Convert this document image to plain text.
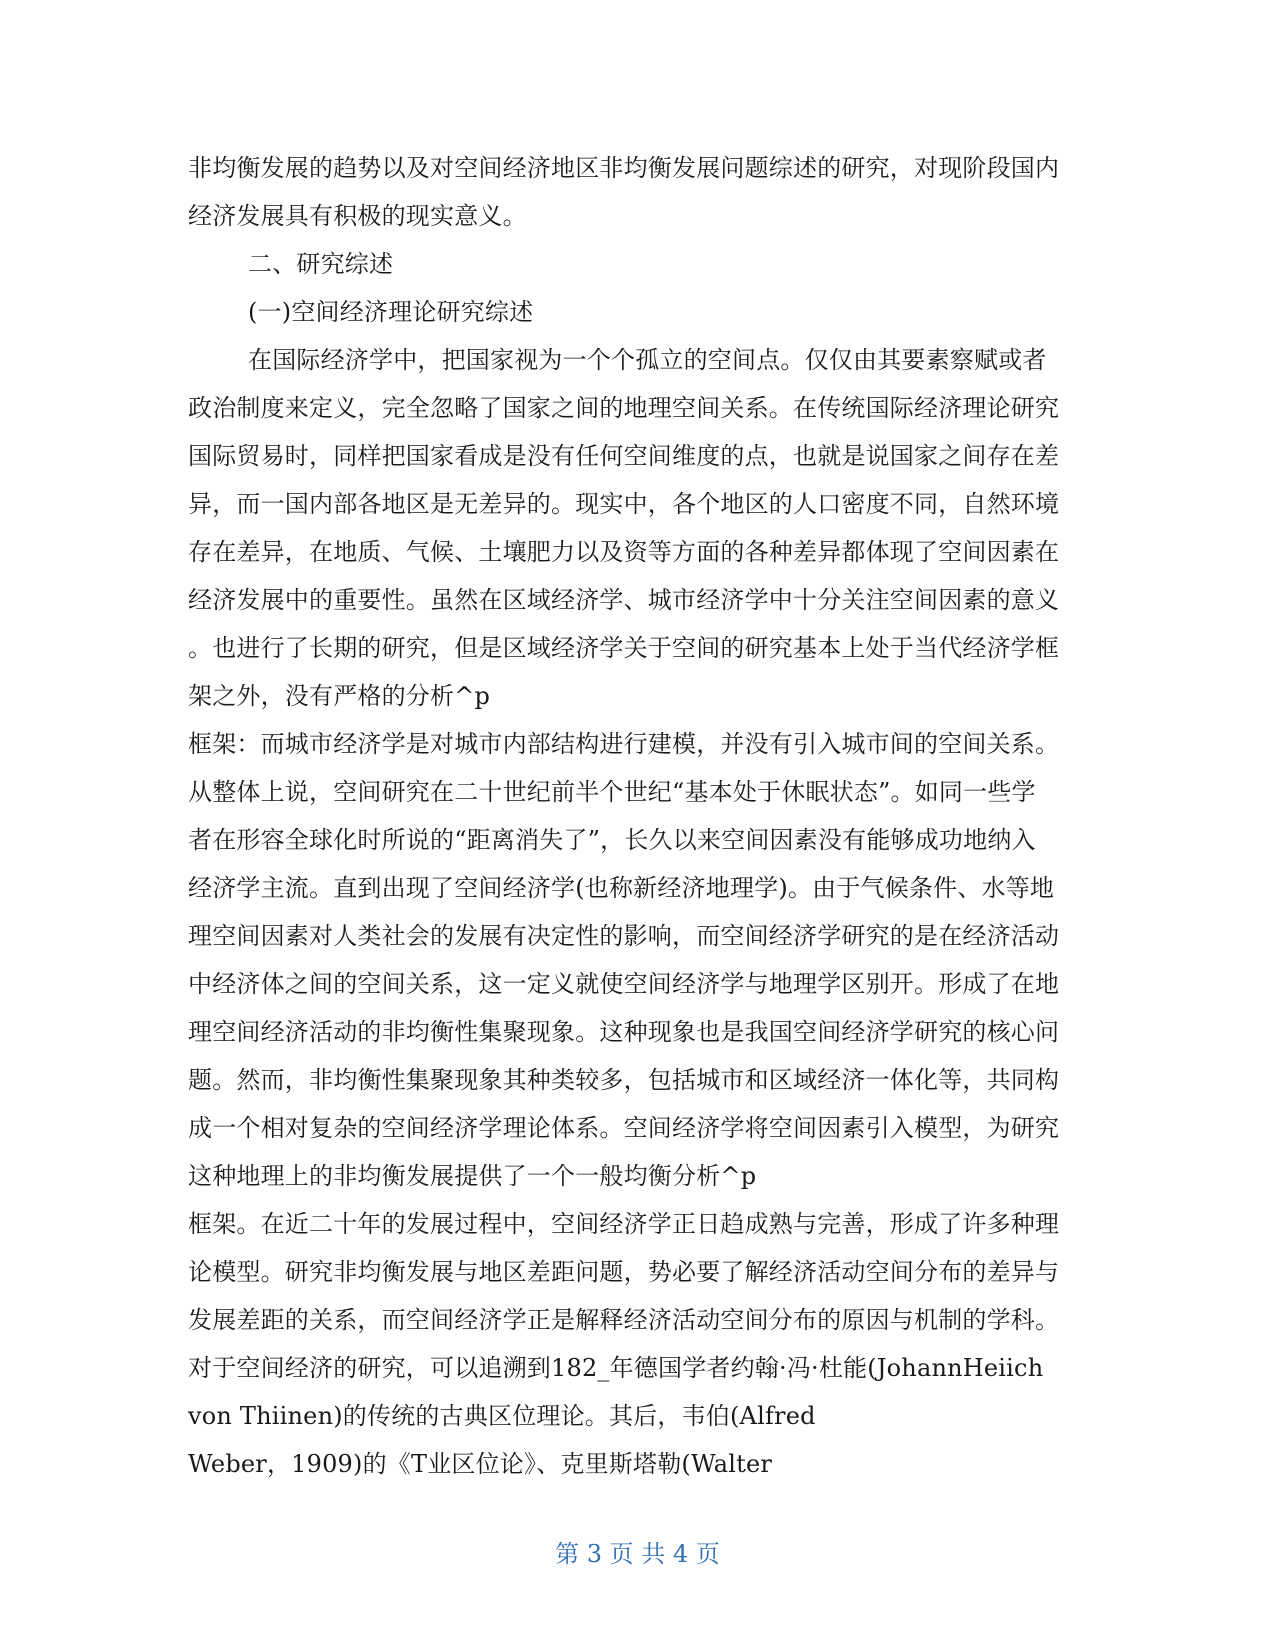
非均衡发展的趋势以及对空间经济地区非均衡发展问题综述的研究，对现阶段国内
经济发展具有积极的现实意义。
二、研究综述
(一)空间经济理论研究综述
在国际经济学中，把国家视为一个个孤立的空间点。仅仅由其要素察赋或者
政治制度来定义，完全忽略了国家之间的地理空间关系。在传统国际经济理论研究
国际贸易时，同样把国家看成是没有任何空间维度的点，也就是说国家之间存在差
异，而一国内部各地区是无差异的。现实中，各个地区的人口密度不同，自然环境
存在差异，在地质、气候、土壤肥力以及资等方面的各种差异都体现了空间因素在
经济发展中的重要性。虽然在区域经济学、城市经济学中十分关注空间因素的意义
。也进行了长期的研究，但是区域经济学关于空间的研究基本上处于当代经济学框
架之外，没有严格的分析^p
框架：而城市经济学是对城市内部结构进行建模，并没有引入城市间的空间关系。
从整体上说，空间研究在二十世纪前半个世纪“基本处于休眠状态”。如同一些学
者在形容全球化时所说的“距离消失了”，长久以来空间因素没有能够成功地纳入
经济学主流。直到出现了空间经济学(也称新经济地理学)。由于气候条件、水等地
理空间因素对人类社会的发展有决定性的影响，而空间经济学研究的是在经济活动
中经济体之间的空间关系，这一定义就使空间经济学与地理学区别开。形成了在地
理空间经济活动的非均衡性集聚现象。这种现象也是我国空间经济学研究的核心问
题。然而，非均衡性集聚现象其种类较多，包括城市和区域经济一体化等，共同构
成一个相对复杂的空间经济学理论体系。空间经济学将空间因素引入模型，为研究
这种地理上的非均衡发展提供了一个一般均衡分析^p
框架。在近二十年的发展过程中，空间经济学正日趋成熟与完善，形成了许多种理
论模型。研究非均衡发展与地区差距问题，势必要了解经济活动空间分布的差异与
发展差距的关系，而空间经济学正是解释经济活动空间分布的原因与机制的学科。
对于空间经济的研究，可以追溯到182_年德国学者约翰·冯·杜能(JohannHeiich
von Thiinen)的传统的古典区位理论。其后，韦伯(Alfred
Weber，1909)的《T业区位论》、克里斯塔勒(Walter
第 3 页 共 4 页
